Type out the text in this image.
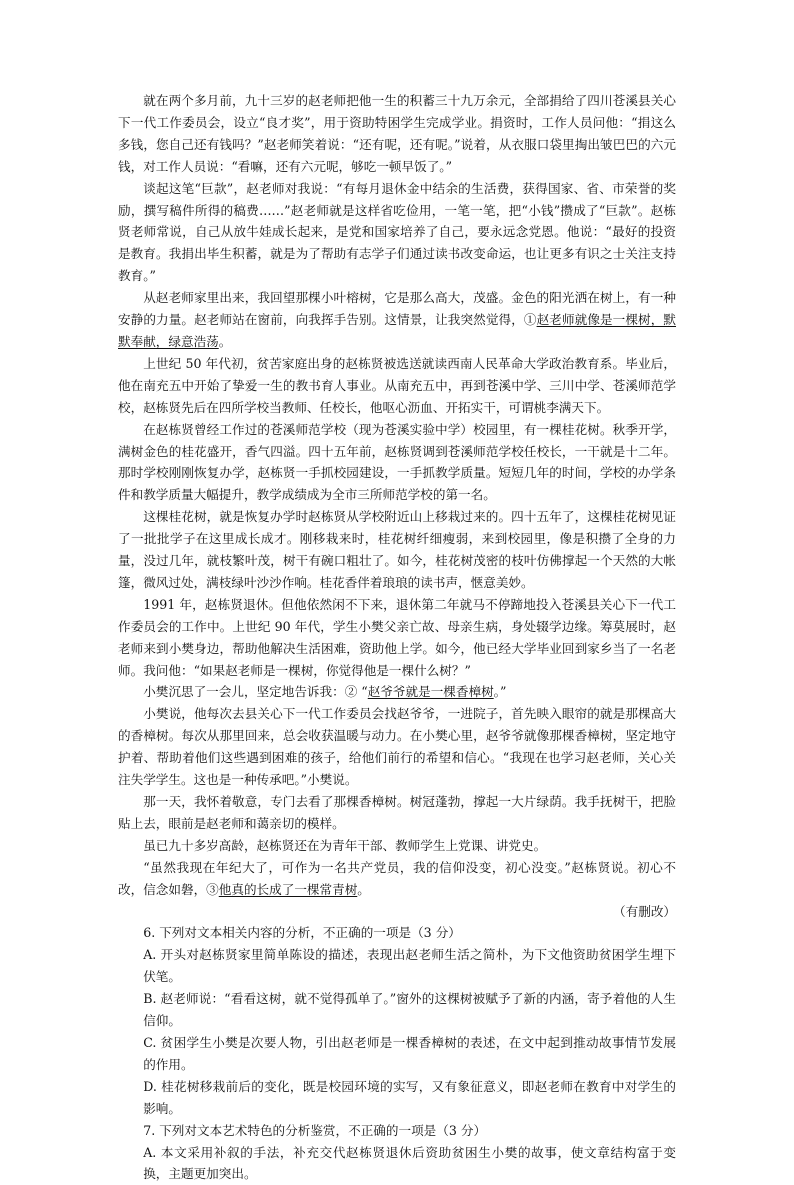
就在两个多月前，九十三岁的赵老师把他一生的积蓄三十九万余元，全部捐给了四川苍溪县关心下一代工作委员会，设立“良才奖”，用于资助特困学生完成学业。捐资时，工作人员问他：“捐这么多钱，您自己还有钱吗？”赵老师笑着说：“还有呢，还有呢。”说着，从衣服口袋里掏出皱巴巴的六元钱，对工作人员说：“看嘛，还有六元呢，够吃一顿早饭了。”

谈起这笔“巨款”，赵老师对我说：“有每月退休金中结余的生活费，获得国家、省、市荣誉的奖励，撰写稿件所得的稿费……”赵老师就是这样省吃俭用，一笔一笔，把“小钱”攒成了“巨款”。赵栋贤老师常说，自己从放牛娃成长起来，是党和国家培养了自己，要永远念党恩。他说：“最好的投资是教育。我捐出毕生积蓄，就是为了帮助有志学子们通过读书改变命运，也让更多有识之士关注支持教育。”

从赵老师家里出来，我回望那棵小叶榕树，它是那么高大，茂盛。金色的阳光洒在树上，有一种安静的力量。赵老师站在窗前，向我挥手告别。这情景，让我突然觉得，①赵老师就像是一棵树，默默奉献，绿意浩荡。

上世纪 50 年代初，贫苦家庭出身的赵栋贤被选送就读西南人民革命大学政治教育系。毕业后，他在南充五中开始了挚爱一生的教书育人事业。从南充五中，再到苍溪中学、三川中学、苍溪师范学校，赵栋贤先后在四所学校当教师、任校长，他呕心沥血、开拓实干，可谓桃李满天下。

在赵栋贤曾经工作过的苍溪师范学校（现为苍溪实验中学）校园里，有一棵桂花树。秋季开学，满树金色的桂花盛开，香气四溢。四十五年前，赵栋贤调到苍溪师范学校任校长，一干就是十二年。那时学校刚刚恢复办学，赵栋贤一手抓校园建设，一手抓教学质量。短短几年的时间，学校的办学条件和教学质量大幅提升，教学成绩成为全市三所师范学校的第一名。

这棵桂花树，就是恢复办学时赵栋贤从学校附近山上移栽过来的。四十五年了，这棵桂花树见证了一批批学子在这里成长成才。刚移栽来时，桂花树纤细瘦弱，来到校园里，像是积攒了全身的力量，没过几年，就枝繁叶茂，树干有碗口粗壮了。如今，桂花树茂密的枝叶仿佛撑起一个天然的大帐篷，微风过处，满枝绿叶沙沙作响。桂花香伴着琅琅的读书声，惬意美妙。

1991 年，赵栋贤退休。但他依然闲不下来，退休第二年就马不停蹄地投入苍溪县关心下一代工作委员会的工作中。上世纪 90 年代，学生小樊父亲亡故、母亲生病，身处辍学边缘。筹莫展时，赵老师来到小樊身边，帮助他解决生活困难，资助他上学。如今，他已经大学毕业回到家乡当了一名老师。我问他：“如果赵老师是一棵树，你觉得他是一棵什么树？”

小樊沉思了一会儿，坚定地告诉我：② “赵爷爷就是一棵香樟树。”

小樊说，他每次去县关心下一代工作委员会找赵爷爷，一进院子，首先映入眼帘的就是那棵高大的香樟树。每次从那里回来，总会收获温暖与动力。在小樊心里，赵爷爷就像那棵香樟树，坚定地守护着、帮助着他们这些遇到困难的孩子，给他们前行的希望和信心。“我现在也学习赵老师，关心关注失学学生。这也是一种传承吧。”小樊说。

那一天，我怀着敬意，专门去看了那棵香樟树。树冠蓬勃，撑起一大片绿荫。我手抚树干，把脸贴上去，眼前是赵老师和蔼亲切的模样。

虽已九十多岁高龄，赵栋贤还在为青年干部、教师学生上党课、讲党史。

“虽然我现在年纪大了，可作为一名共产党员，我的信仰没变，初心没变。”赵栋贤说。初心不改，信念如磐，③他真的长成了一棵常青树。

（有删改）

6. 下列对文本相关内容的分析，不正确的一项是（3 分）

A. 开头对赵栋贤家里简单陈设的描述，表现出赵老师生活之简朴，为下文他资助贫困学生埋下伏笔。

B. 赵老师说：“看看这树，就不觉得孤单了。”窗外的这棵树被赋予了新的内涵，寄予着他的人生信仰。

C. 贫困学生小樊是次要人物，引出赵老师是一棵香樟树的表述，在文中起到推动故事情节发展的作用。

D. 桂花树移栽前后的变化，既是校园环境的实写，又有象征意义，即赵老师在教育中对学生的影响。

7. 下列对文本艺术特色的分析鉴赏，不正确的一项是（3 分）

A. 本文采用补叙的手法，补充交代赵栋贤退休后资助贫困生小樊的故事，使文章结构富于变换，主题更加突出。
